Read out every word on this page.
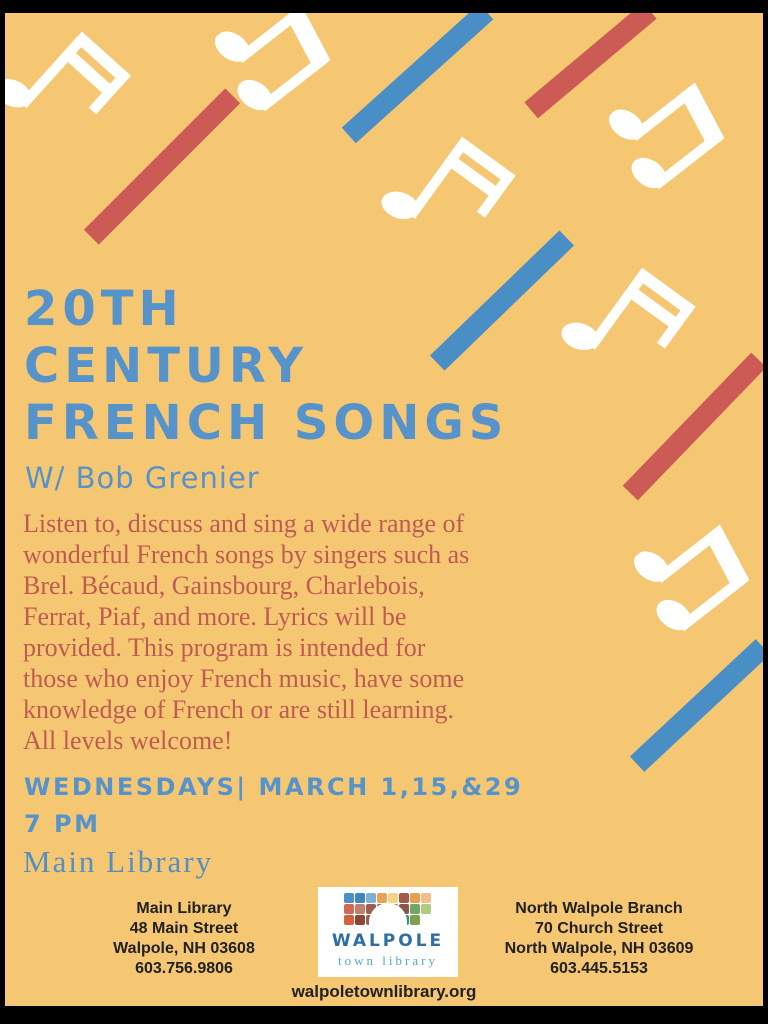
20TH
CENTURY
FRENCH SONGS
W/ Bob Grenier
Listen to, discuss and sing a wide range of
wonderful French songs by singers such as
Brel. Bécaud, Gainsbourg, Charlebois,
Ferrat, Piaf, and more. Lyrics will be
provided. This program is intended for
those who enjoy French music, have some
knowledge of French or are still learning.
All levels welcome!
WEDNESDAYS| MARCH 1,15,&29
7 PM
Main Library
Main Library
48 Main Street
Walpole, NH 03608
603.756.9806
WALPOLE
town library
North Walpole Branch
70 Church Street
North Walpole, NH 03609
603.445.5153
walpoletownlibrary.org
